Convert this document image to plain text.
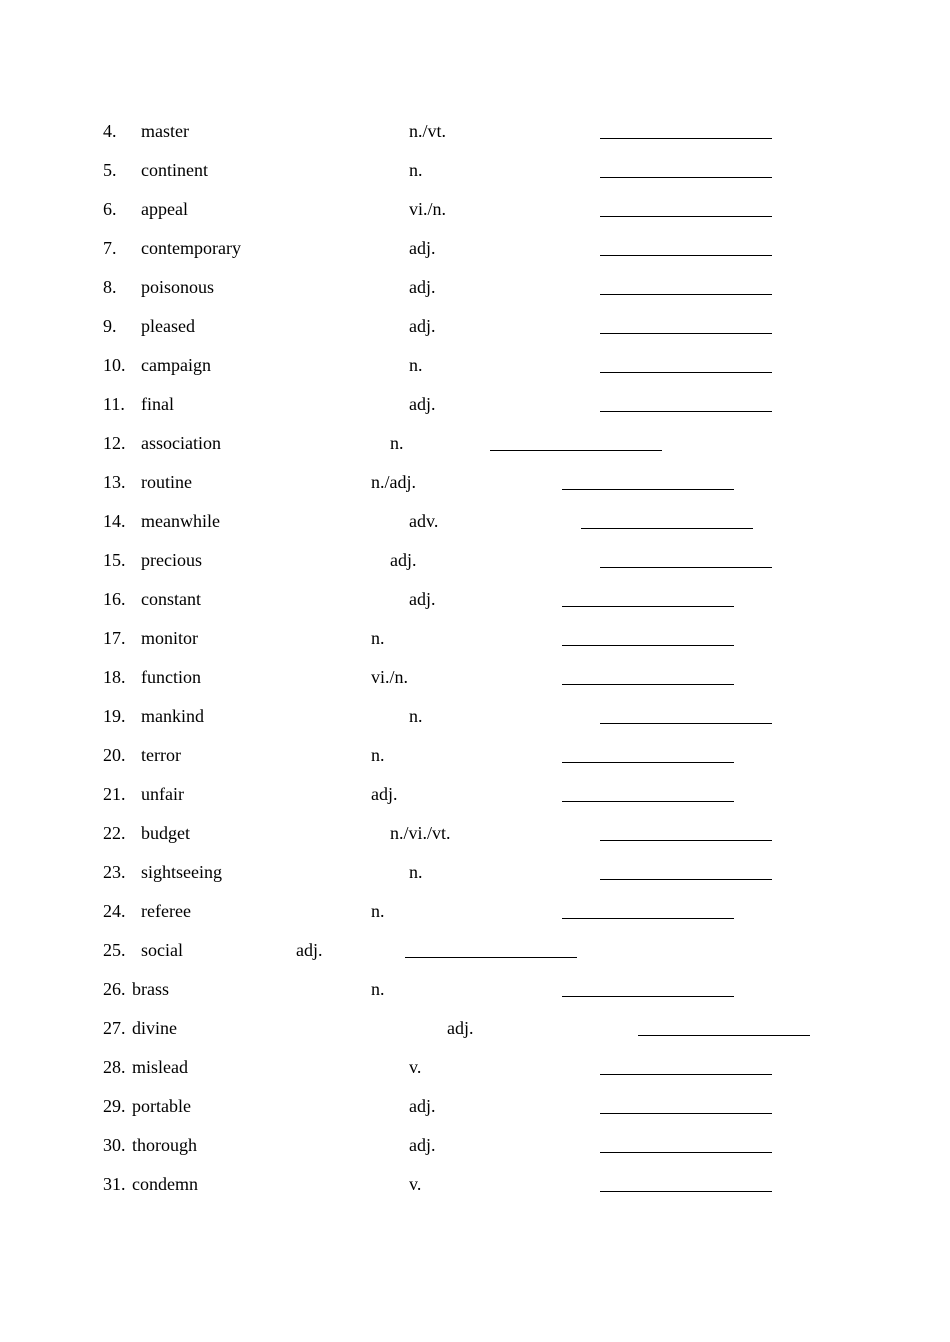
4. master	n./vt.
5. continent	n.
6. appeal	vi./n.
7. contemporary	adj.
8. poisonous	adj.
9. pleased	adj.
10. campaign	n.
11. final	adj.
12. association	n.
13. routine	n./adj.
14. meanwhile	adv.
15. precious	adj.
16. constant	adj.
17. monitor	n.
18. function	vi./n.
19. mankind	n.
20. terror	n.
21. unfair	adj.
22. budget	n./vi./vt.
23. sightseeing	n.
24. referee	n.
25. social	adj.
26. brass	n.
27. divine	adj.
28. mislead	v.
29. portable	adj.
30. thorough	adj.
31. condemn	v.
